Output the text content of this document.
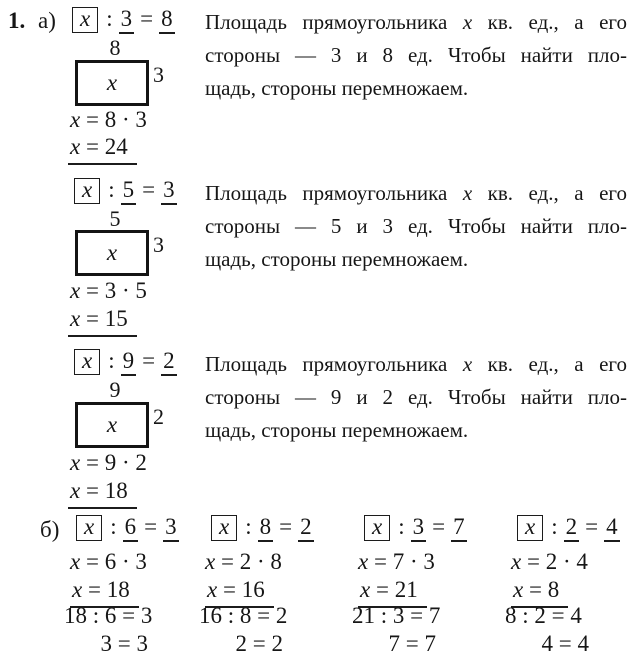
1. а)	x : 3 = 8
8
x 3
x = 8 · 3
x = 24
Площадь прямоугольника x кв. ед., а его
стороны — 3 и 8 ед. Чтобы найти пло-
щадь, стороны перемножаем.
x : 5 = 3
5
x 3
x = 3 · 5
x = 15
Площадь прямоугольника x кв. ед., а его
стороны — 5 и 3 ед. Чтобы найти пло-
щадь, стороны перемножаем.
x : 9 = 2
9
x 2
x = 9 · 2
x = 18
Площадь прямоугольника x кв. ед., а его
стороны — 9 и 2 ед. Чтобы найти пло-
щадь, стороны перемножаем.
б)	x : 6 = 3
x = 6 · 3
x = 18
18 : 6 = 3
3 = 3
x : 8 = 2
x = 2 · 8
x = 16
16 : 8 = 2
2 = 2
x : 3 = 7
x = 7 · 3
x = 21
21 : 3 = 7
7 = 7
x : 2 = 4
x = 2 · 4
x = 8
8 : 2 = 4
4 = 4
